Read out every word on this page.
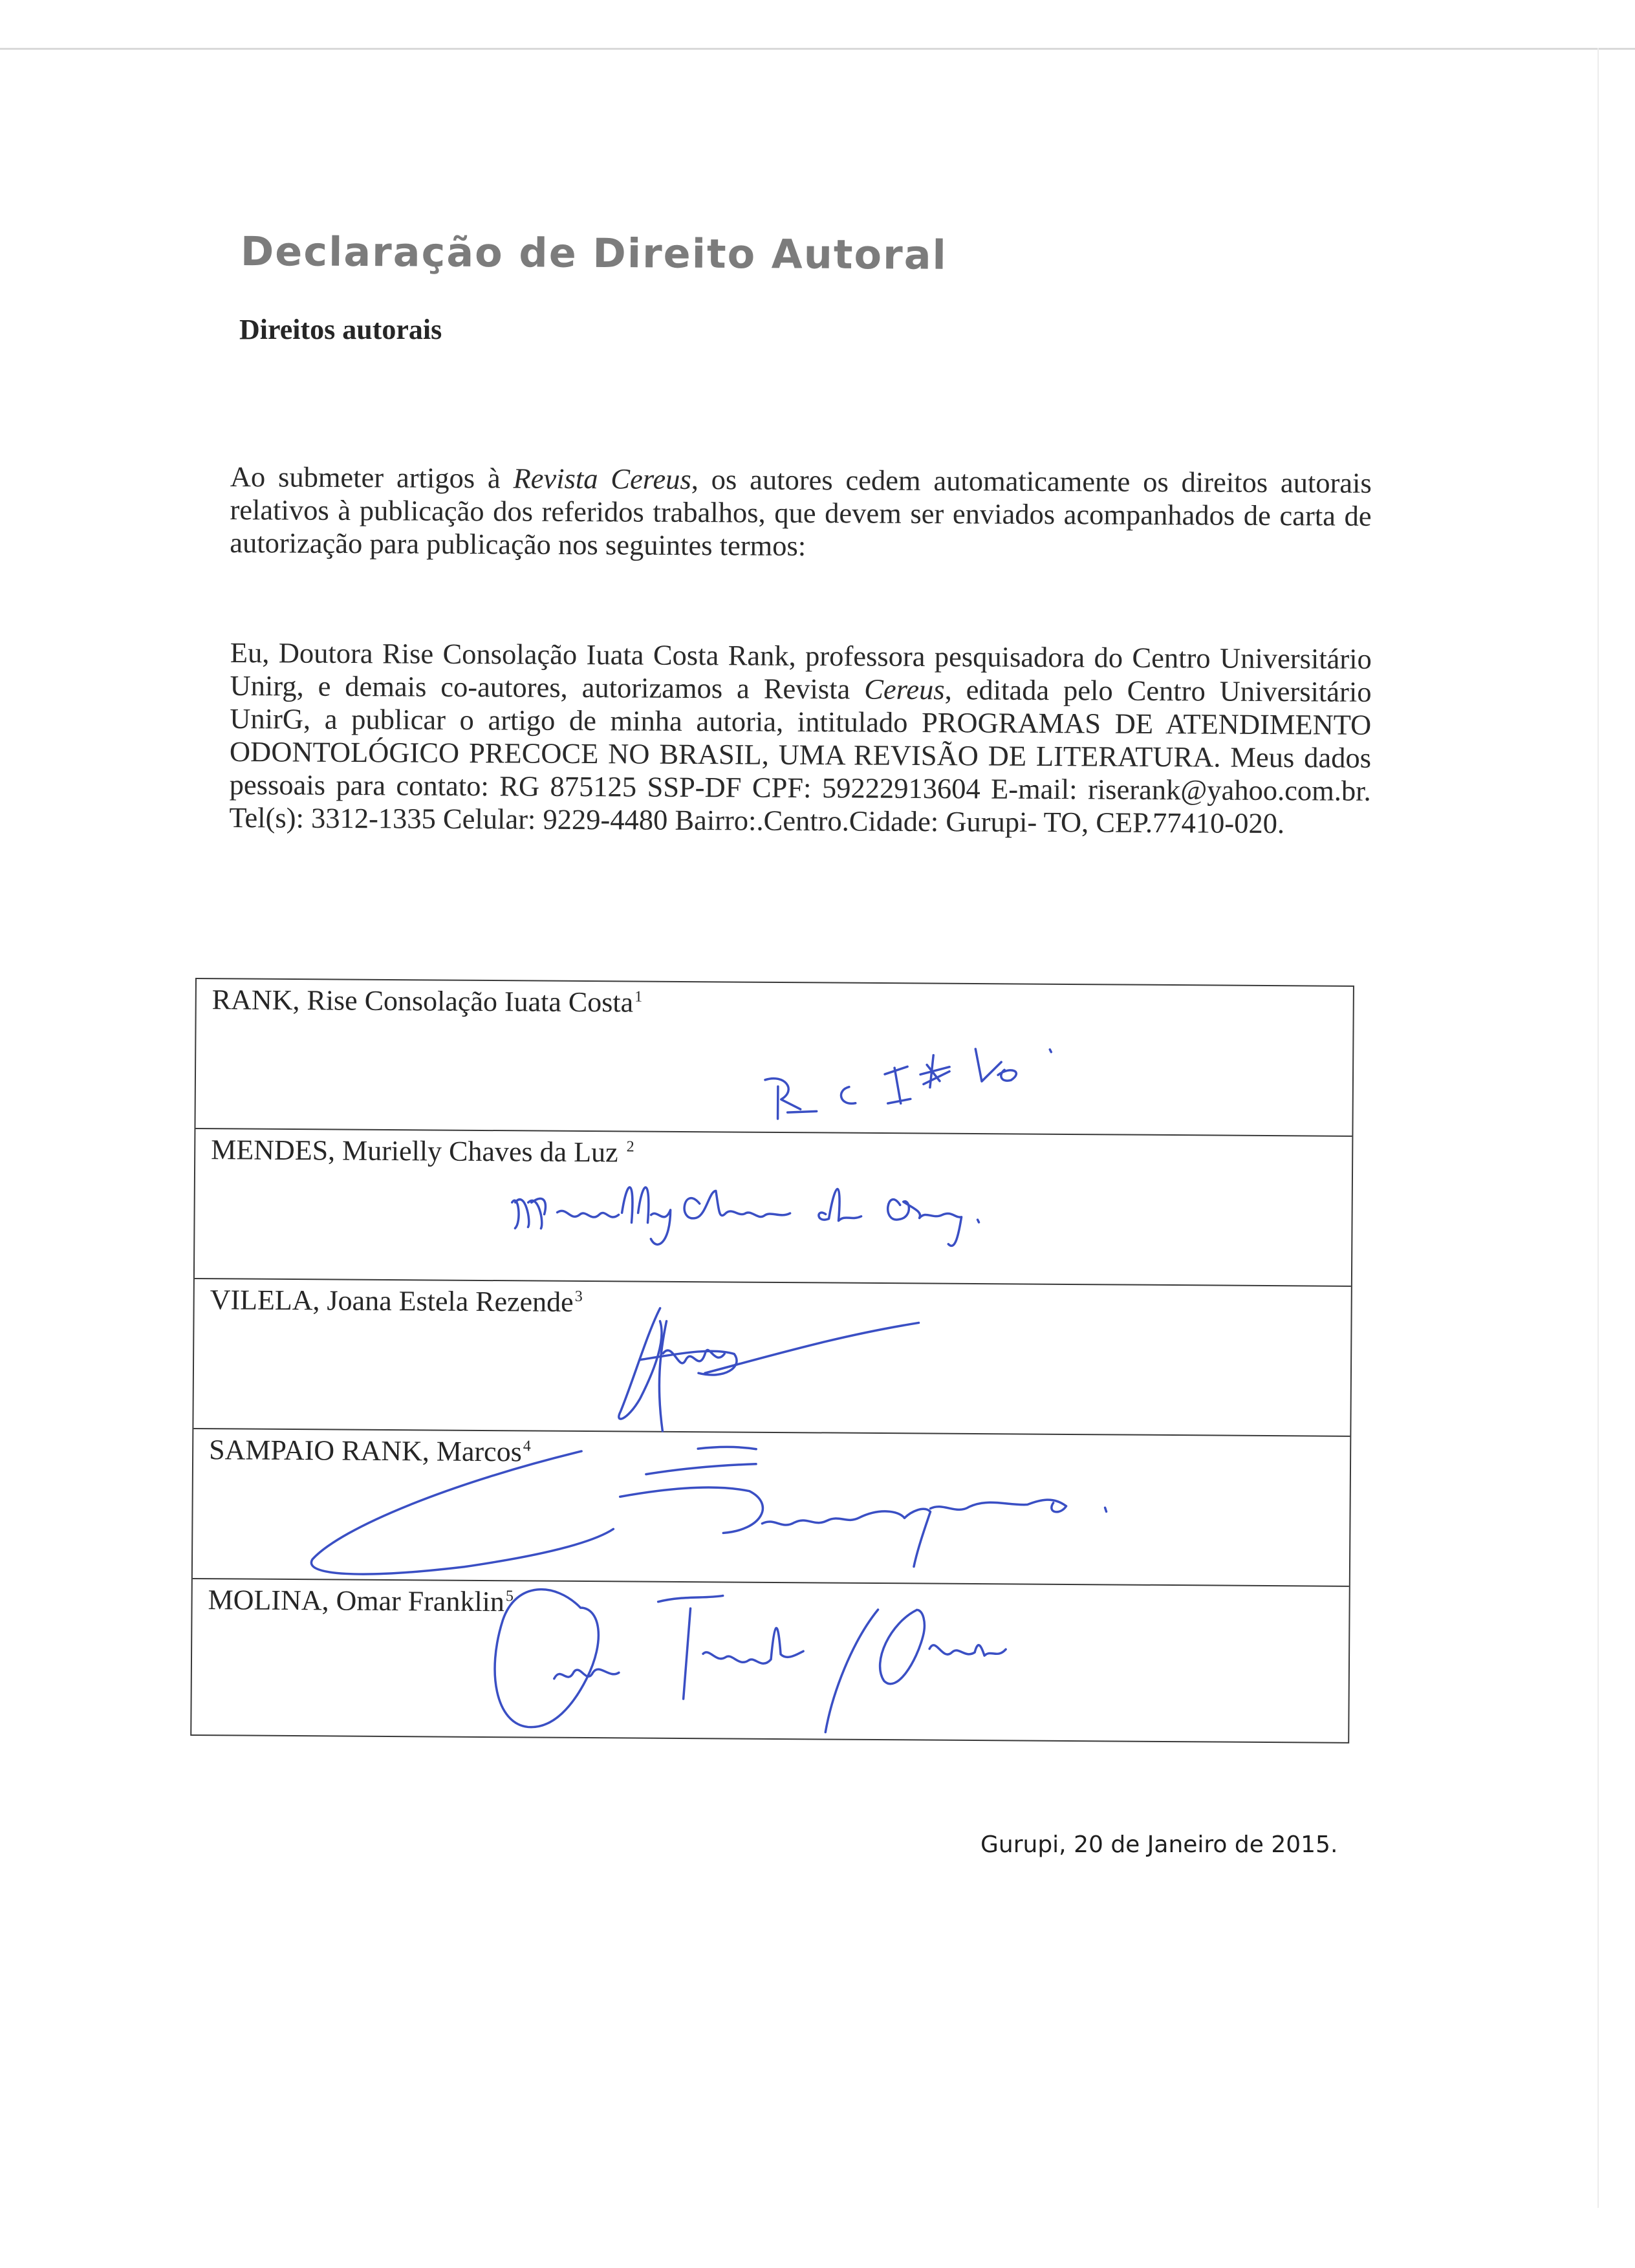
Declaração de Direito Autoral
Direitos autorais

Ao submeter artigos à Revista Cereus, os autores cedem automaticamente os direitos autorais relativos à publicação dos referidos trabalhos, que devem ser enviados acompanhados de carta de autorização para publicação nos seguintes termos:

Eu, Doutora Rise Consolação Iuata Costa Rank, professora pesquisadora do Centro Universitário Unirg, e demais co-autores, autorizamos a Revista Cereus, editada pelo Centro Universitário UnirG, a publicar o artigo de minha autoria, intitulado PROGRAMAS DE ATENDIMENTO ODONTOLÓGICO PRECOCE NO BRASIL, UMA REVISÃO DE LITERATURA. Meus dados pessoais para contato: RG 875125 SSP-DF CPF: 59222913604 E-mail: riserank@yahoo.com.br. Tel(s): 3312-1335 Celular: 9229-4480 Bairro:.Centro.Cidade: Gurupi- TO, CEP.77410-020.

RANK, Rise Consolação Iuata Costa$^1$
MENDES, Murielly Chaves da Luz $^2$
VILELA, Joana Estela Rezende$^3$
SAMPAIO RANK, Marcos$^4$
MOLINA, Omar Franklin$^5$

Gurupi, 20 de Janeiro de 2015.
